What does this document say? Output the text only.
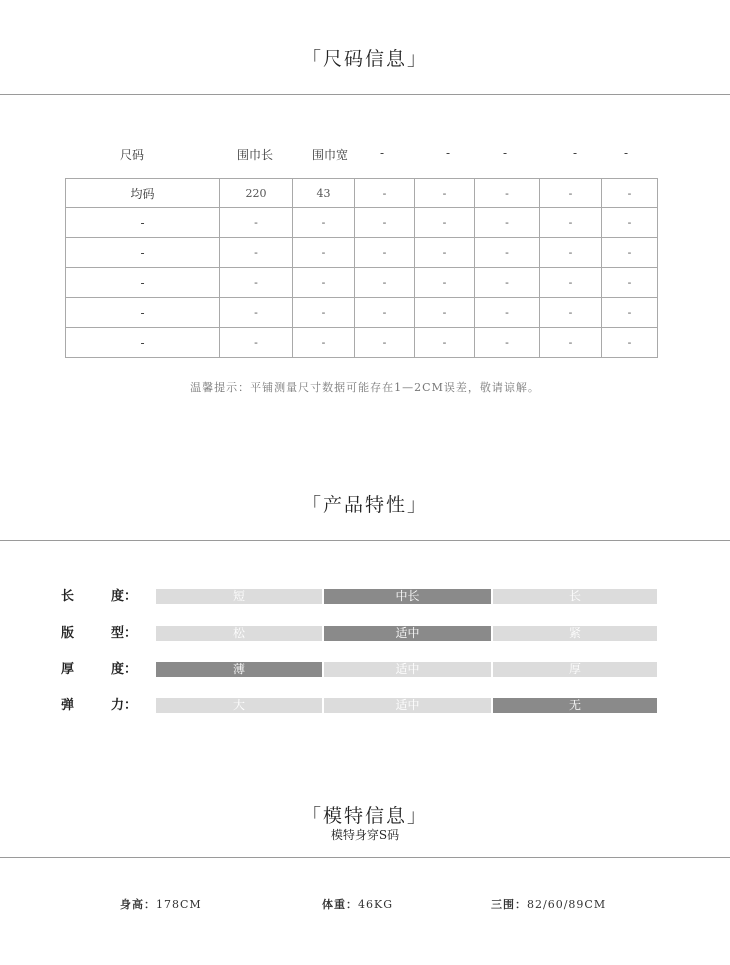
「尺码信息」
尺码	围巾长	围巾宽	-	-	-	-	-
均码	220	43	-	-	-	-	-
-	-	-	-	-	-	-	-
-	-	-	-	-	-	-	-
-	-	-	-	-	-	-	-
-	-	-	-	-	-	-	-
-	-	-	-	-	-	-	-
温馨提示：平铺测量尺寸数据可能存在1—2CM误差，敬请谅解。
「产品特性」
长	度：	短	中长	长
版	型：	松	适中	紧
厚	度：	薄	适中	厚
弹	力：	大	适中	无
「模特信息」
模特身穿S码
身高：178CM	体重：46KG	三围：82/60/89CM
